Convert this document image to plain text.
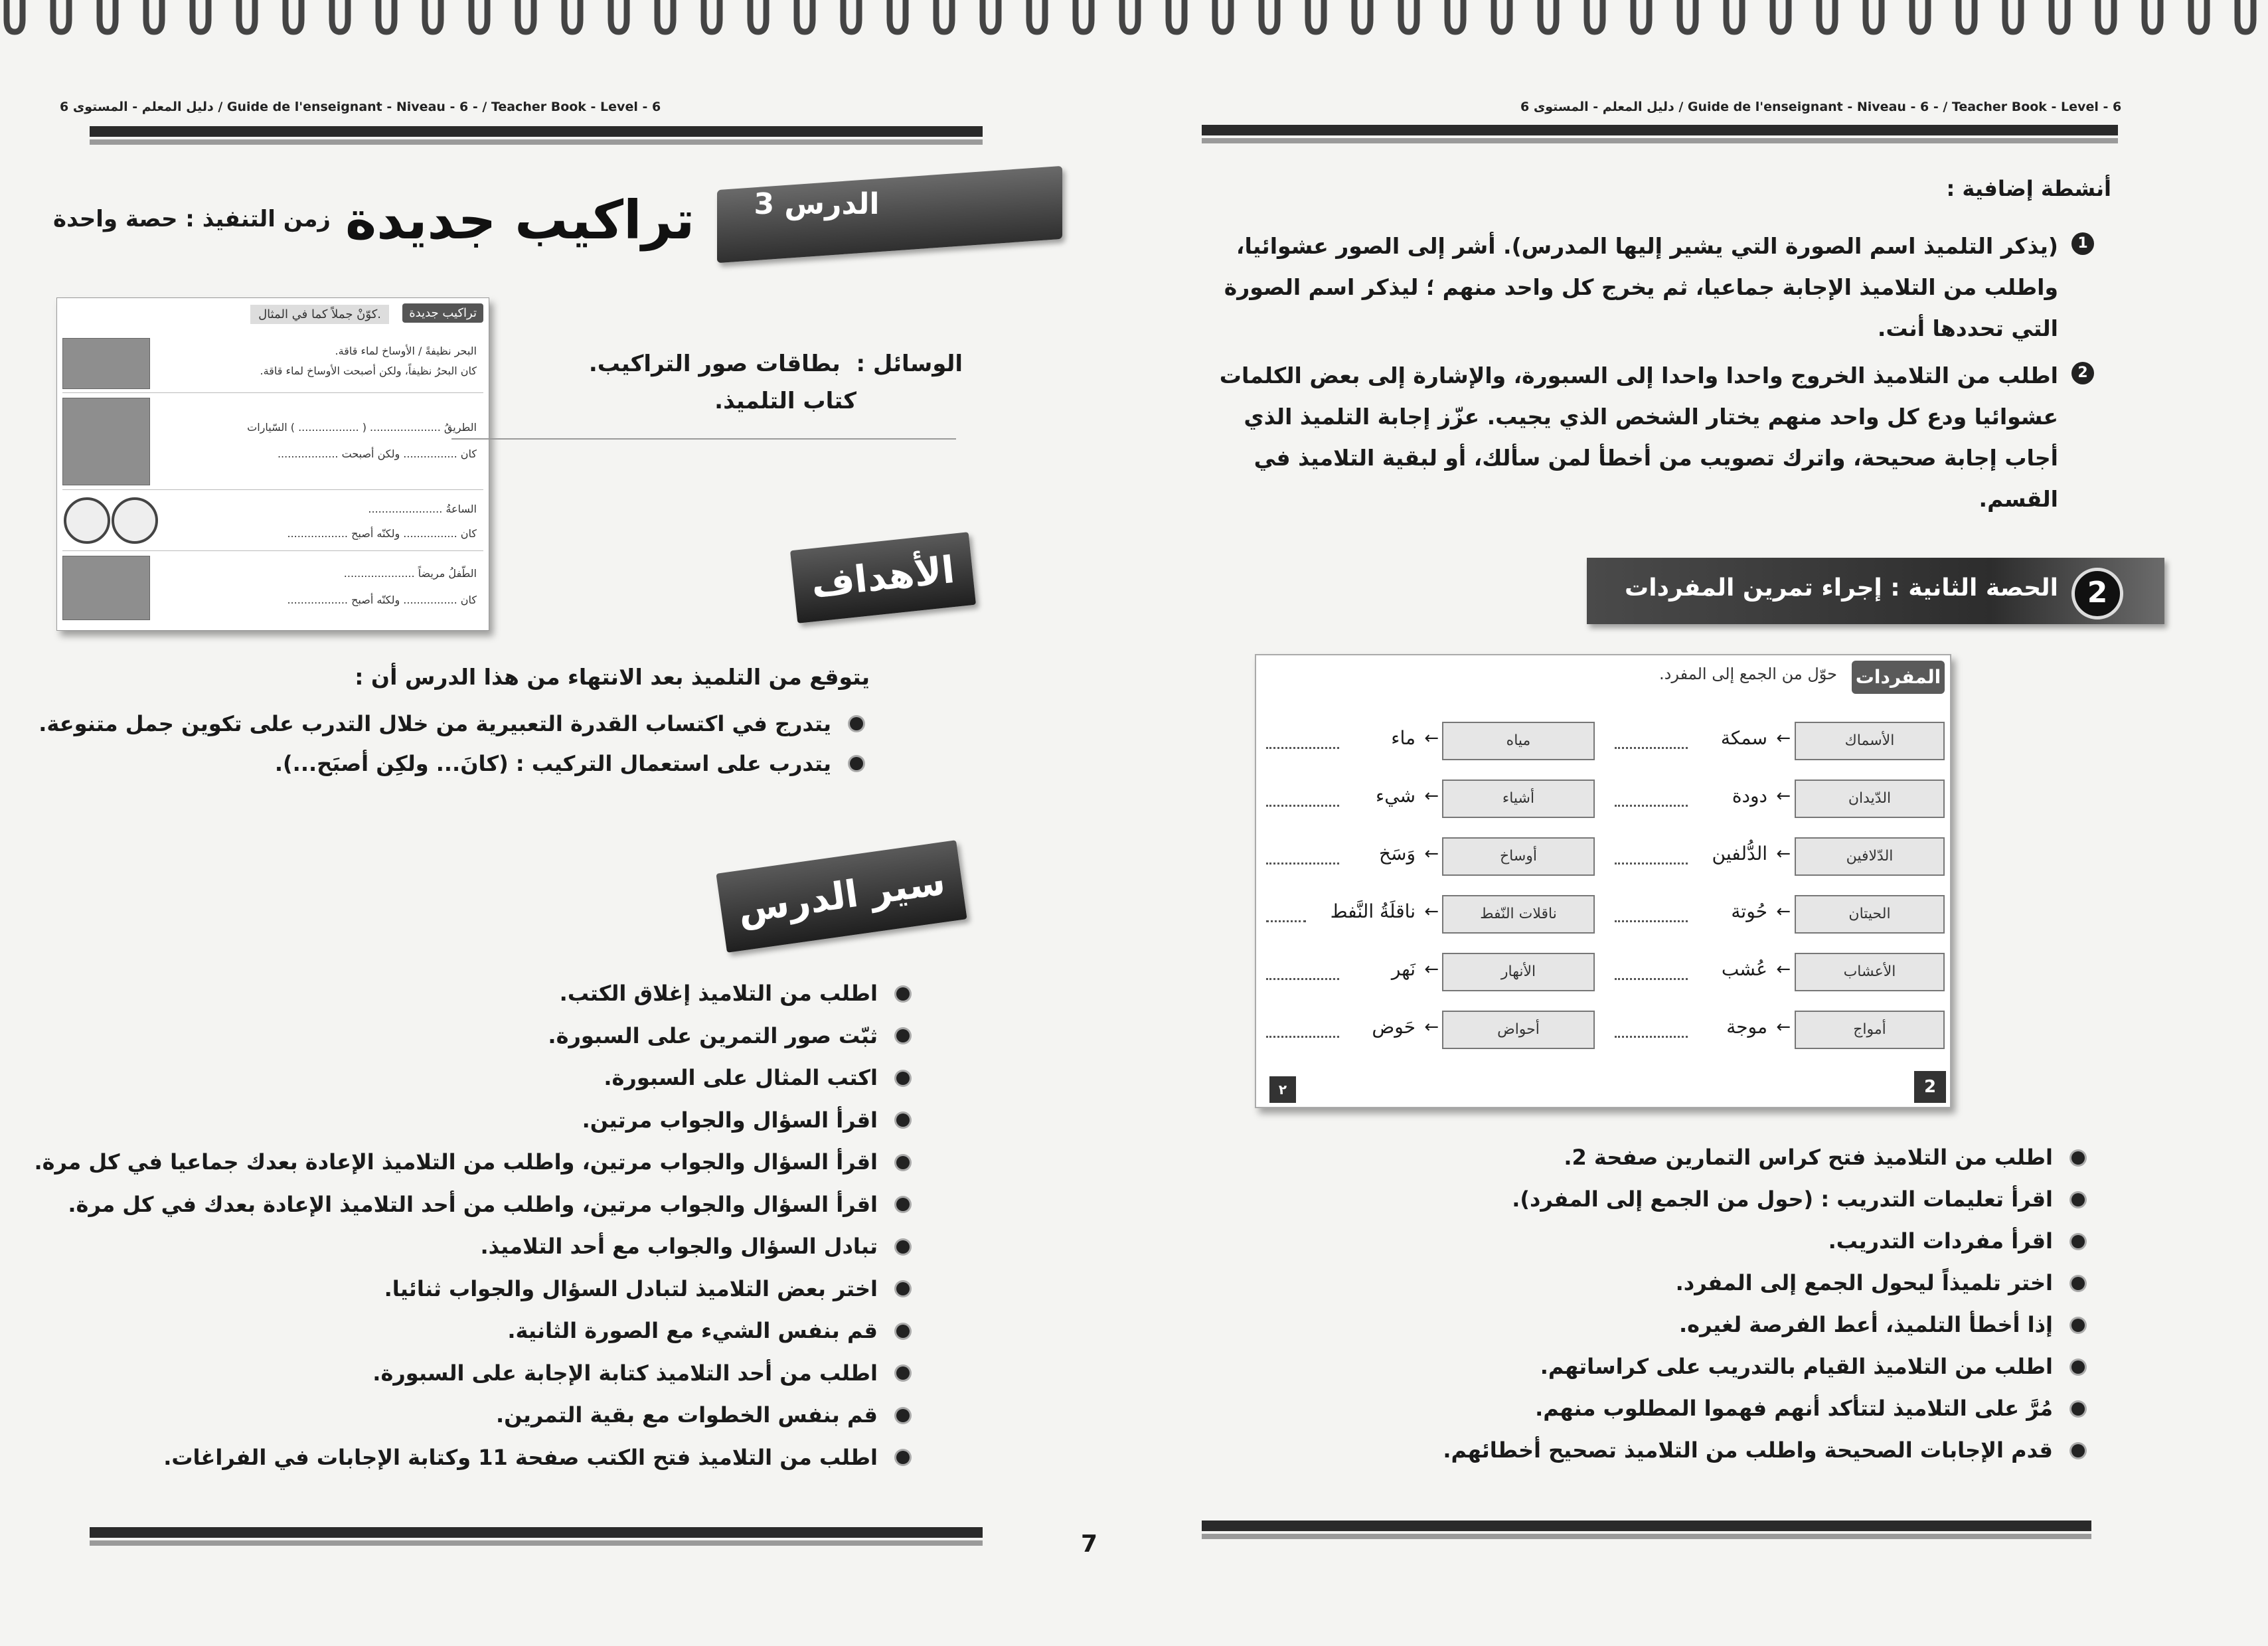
دليل المعلم - المستوى 6 / Guide de l'enseignant - Niveau - 6 - / Teacher Book - Level - 6	دليل المعلم - المستوى 6 / Guide de l'enseignant - Niveau - 6 - / Teacher Book - Level - 6
الدرس 3
تراكيب جديدة
زمن التنفيذ : حصة واحدة
تراكيب جديدة
كوّنْ جملاً كما في المثال.
البحر نظيفةً / الأوساخ لماء قاقة.
كان البحرُ نظيفاً، ولكن أصبحت الأوساخ لماء قاقة.
الطريقُ ..................... ( .................. ) السّيارات
كان ................ ولكن أصبحت ..................
الساعةُ ......................
كان ................ ولكنّه أصبح ..................
الطّفلُ مريضاً .....................
كان ................ ولكنّه أصبح ..................
الوسائل :  بطاقات صور التراكيب.
كتاب التلميذ.
الأهداف
يتوقع من التلميذ بعد الانتهاء من هذا الدرس أن :
يتدرج في اكتساب القدرة التعبيرية من خلال التدرب على تكوين جمل متنوعة.
يتدرب على استعمال التركيب : (كانَ... ولكِن أصبَح...).
سير الدرس
اطلب من التلاميذ إغلاق الكتب.
ثبّت صور التمرين على السبورة.
اكتب المثال على السبورة.
اقرأ السؤال والجواب مرتين.
اقرأ السؤال والجواب مرتين، واطلب من التلاميذ الإعادة بعدك جماعيا في كل مرة.
اقرأ السؤال والجواب مرتين، واطلب من أحد التلاميذ الإعادة بعدك في كل مرة.
تبادل السؤال والجواب مع أحد التلاميذ.
اختر بعض التلاميذ لتبادل السؤال والجواب ثنائيا.
قم بنفس الشيء مع الصورة الثانية.
اطلب من أحد التلاميذ كتابة الإجابة على السبورة.
قم بنفس الخطوات مع بقية التمرين.
اطلب من التلاميذ فتح الكتب صفحة 11 وكتابة الإجابات في الفراغات.
7
أنشطة إضافية :
1
(يذكر التلميذ اسم الصورة التي يشير إليها المدرس). أشر إلى الصور عشوائيا، واطلب من التلاميذ الإجابة جماعيا، ثم يخرج كل واحد منهم ؛ ليذكر اسم الصورة التي تحددها أنت.
2
اطلب من التلاميذ الخروج واحدا واحدا إلى السبورة، والإشارة إلى بعض الكلمات عشوائيا ودع كل واحد منهم يختار الشخص الذي يجيب. عزّز إجابة التلميذ الذي أجاب إجابة صحيحة، واترك تصويب من أخطأ لمن سألك، أو لبقية التلاميذ في القسم.
2
الحصة الثانية : إجراء تمرين المفردات
المفردات
حوّل من الجمع إلى المفرد.
الأسماك
←
سمكة
الدّيدان
←
دودة
الدّلافين
←
الدُّلفين
الحيتان
←
حُوتة
الأعشاب
←
عُشب
أمواج
←
موجة
مياه
←
ماء
أشياء
←
شيء
أوساخ
←
وَسَخ
ناقلات النّفط
←
ناقلَةُ النَّفط
الأنهار
←
نَهر
أحواض
←
حَوض
2
٢
اطلب من التلاميذ فتح كراس التمارين صفحة 2.
اقرأ تعليمات التدريب : (حول من الجمع إلى المفرد).
اقرأ مفردات التدريب.
اختر تلميذاً ليحول الجمع إلى المفرد.
إذا أخطأ التلميذ، أعط الفرصة لغيره.
اطلب من التلاميذ القيام بالتدريب على كراساتهم.
مُرَّ على التلاميذ لتتأكد أنهم فهموا المطلوب منهم.
قدم الإجابات الصحيحة واطلب من التلاميذ تصحيح أخطائهم.
